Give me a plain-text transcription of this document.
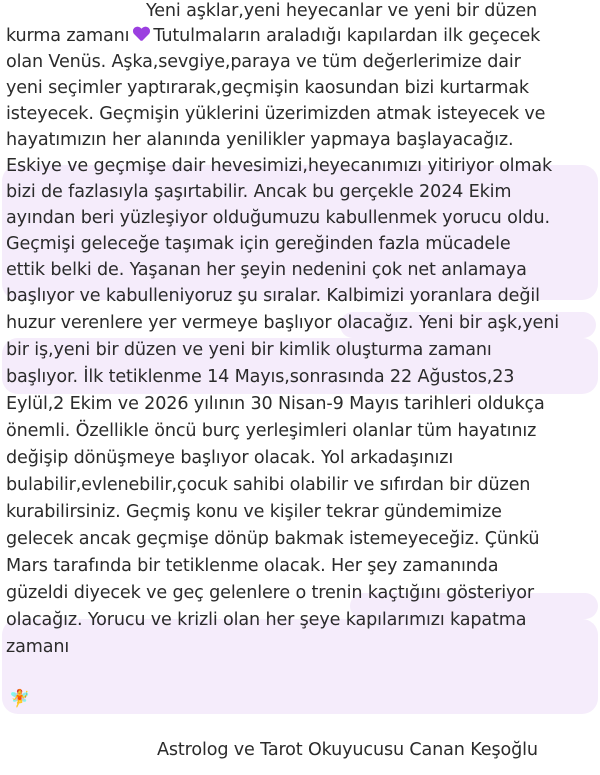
Yeni aşklar,yeni heyecanlar ve yeni bir düzen
kurma zamanı Tutulmaların araladığı kapılardan ilk geçecek
olan Venüs. Aşka,sevgiye,paraya ve tüm değerlerimize dair
yeni seçimler yaptırarak,geçmişin kaosundan bizi kurtarmak
isteyecek. Geçmişin yüklerini üzerimizden atmak isteyecek ve
hayatımızın her alanında yenilikler yapmaya başlayacağız.
Eskiye ve geçmişe dair hevesimizi,heyecanımızı yitiriyor olmak
bizi de fazlasıyla şaşırtabilir. Ancak bu gerçekle 2024 Ekim
ayından beri yüzleşiyor olduğumuzu kabullenmek yorucu oldu.
Geçmişi geleceğe taşımak için gereğinden fazla mücadele
ettik belki de. Yaşanan her şeyin nedenini çok net anlamaya
başlıyor ve kabulleniyoruz şu sıralar. Kalbimizi yoranlara değil
huzur verenlere yer vermeye başlıyor olacağız. Yeni bir aşk,yeni
bir iş,yeni bir düzen ve yeni bir kimlik oluşturma zamanı
başlıyor. İlk tetiklenme 14 Mayıs,sonrasında 22 Ağustos,23
Eylül,2 Ekim ve 2026 yılının 30 Nisan-9 Mayıs tarihleri oldukça
önemli. Özellikle öncü burç yerleşimleri olanlar tüm hayatınız
değişip dönüşmeye başlıyor olacak. Yol arkadaşınızı
bulabilir,evlenebilir,çocuk sahibi olabilir ve sıfırdan bir düzen
kurabilirsiniz. Geçmiş konu ve kişiler tekrar gündemimize
gelecek ancak geçmişe dönüp bakmak istemeyeceğiz. Çünkü
Mars tarafında bir tetiklenme olacak. Her şey zamanında
güzeldi diyecek ve geç gelenlere o trenin kaçtığını gösteriyor
olacağız. Yorucu ve krizli olan her şeye kapılarımızı kapatma
zamanı
🧚
Astrolog ve Tarot Okuyucusu Canan Keşoğlu
